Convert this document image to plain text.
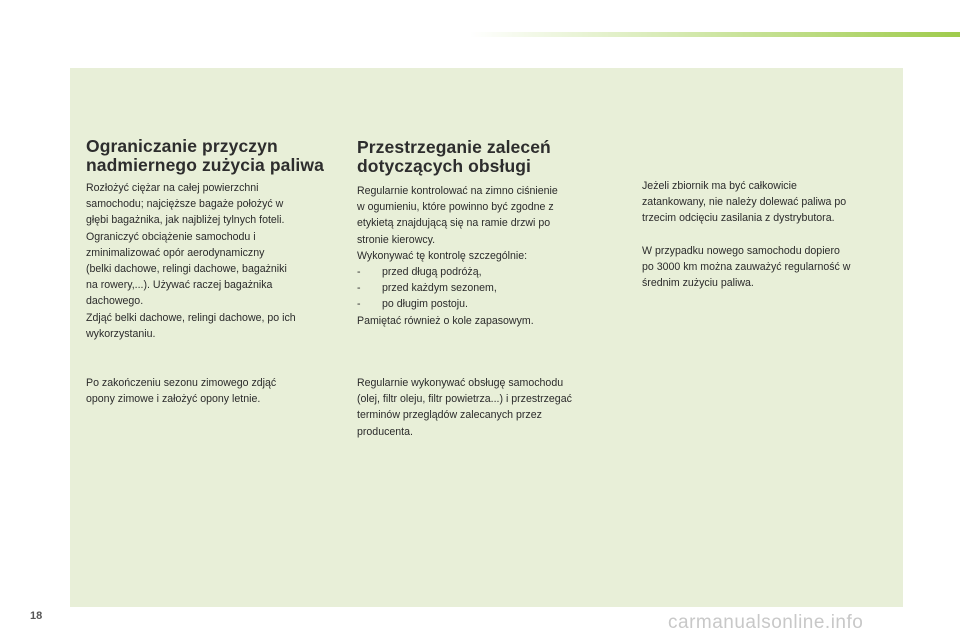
Ograniczanie przyczyn
nadmiernego zużycia paliwa

Rozłożyć ciężar na całej powierzchni
samochodu; najcięższe bagaże położyć w
głębi bagażnika, jak najbliżej tylnych foteli.
Ograniczyć obciążenie samochodu i
zminimalizować opór aerodynamiczny
(belki dachowe, relingi dachowe, bagażniki
na rowery,...). Używać raczej bagażnika
dachowego.
Zdjąć belki dachowe, relingi dachowe, po ich
wykorzystaniu.

Po zakończeniu sezonu zimowego zdjąć
opony zimowe i założyć opony letnie.

Przestrzeganie zaleceń
dotyczących obsługi
Regularnie kontrolować na zimno ciśnienie
w ogumieniu, które powinno być zgodne z
etykietą znajdującą się na ramie drzwi po
stronie kierowcy.
Wykonywać tę kontrolę szczególnie:
- przed długą podróżą,
- przed każdym sezonem,
- po długim postoju.
Pamiętać również o kole zapasowym.

Regularnie wykonywać obsługę samochodu
(olej, filtr oleju, filtr powietrza...) i przestrzegać
terminów przeglądów zalecanych przez
producenta.

Jeżeli zbiornik ma być całkowicie
zatankowany, nie należy dolewać paliwa po
trzecim odcięciu zasilania z dystrybutora.

W przypadku nowego samochodu dopiero
po 3000 km można zauważyć regularność w
średnim zużyciu paliwa.

18	carmanualsonline.info
